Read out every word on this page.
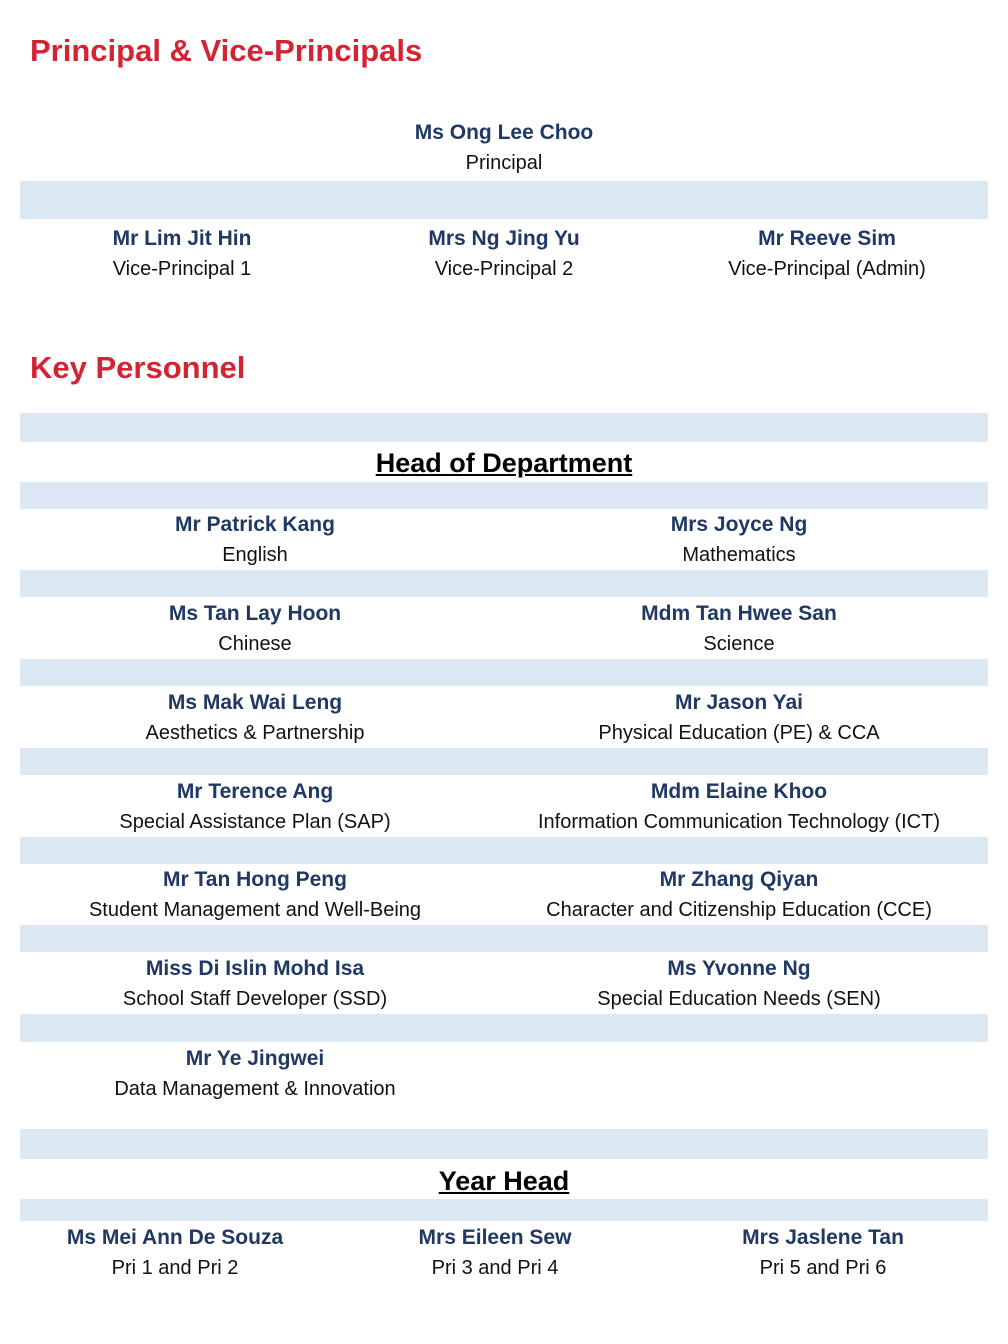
Principal & Vice-Principals
Ms Ong Lee Choo
Principal
Mr Lim Jit Hin
Vice-Principal 1
Mrs Ng Jing Yu
Vice-Principal 2
Mr Reeve Sim
Vice-Principal (Admin)
Key Personnel
Head of Department
Mr Patrick Kang
English
Mrs Joyce Ng
Mathematics
Ms Tan Lay Hoon
Chinese
Mdm Tan Hwee San
Science
Ms Mak Wai Leng
Aesthetics & Partnership
Mr Jason Yai
Physical Education (PE) & CCA
Mr Terence Ang
Special Assistance Plan (SAP)
Mdm Elaine Khoo
Information Communication Technology (ICT)
Mr Tan Hong Peng
Student Management and Well-Being
Mr Zhang Qiyan
Character and Citizenship Education (CCE)
Miss Di Islin Mohd Isa
School Staff Developer (SSD)
Ms Yvonne Ng
Special Education Needs (SEN)
Mr Ye Jingwei
Data Management & Innovation
Year Head
Ms Mei Ann De Souza
Pri 1 and Pri 2
Mrs Eileen Sew
Pri 3 and Pri 4
Mrs Jaslene Tan
Pri 5 and Pri 6
